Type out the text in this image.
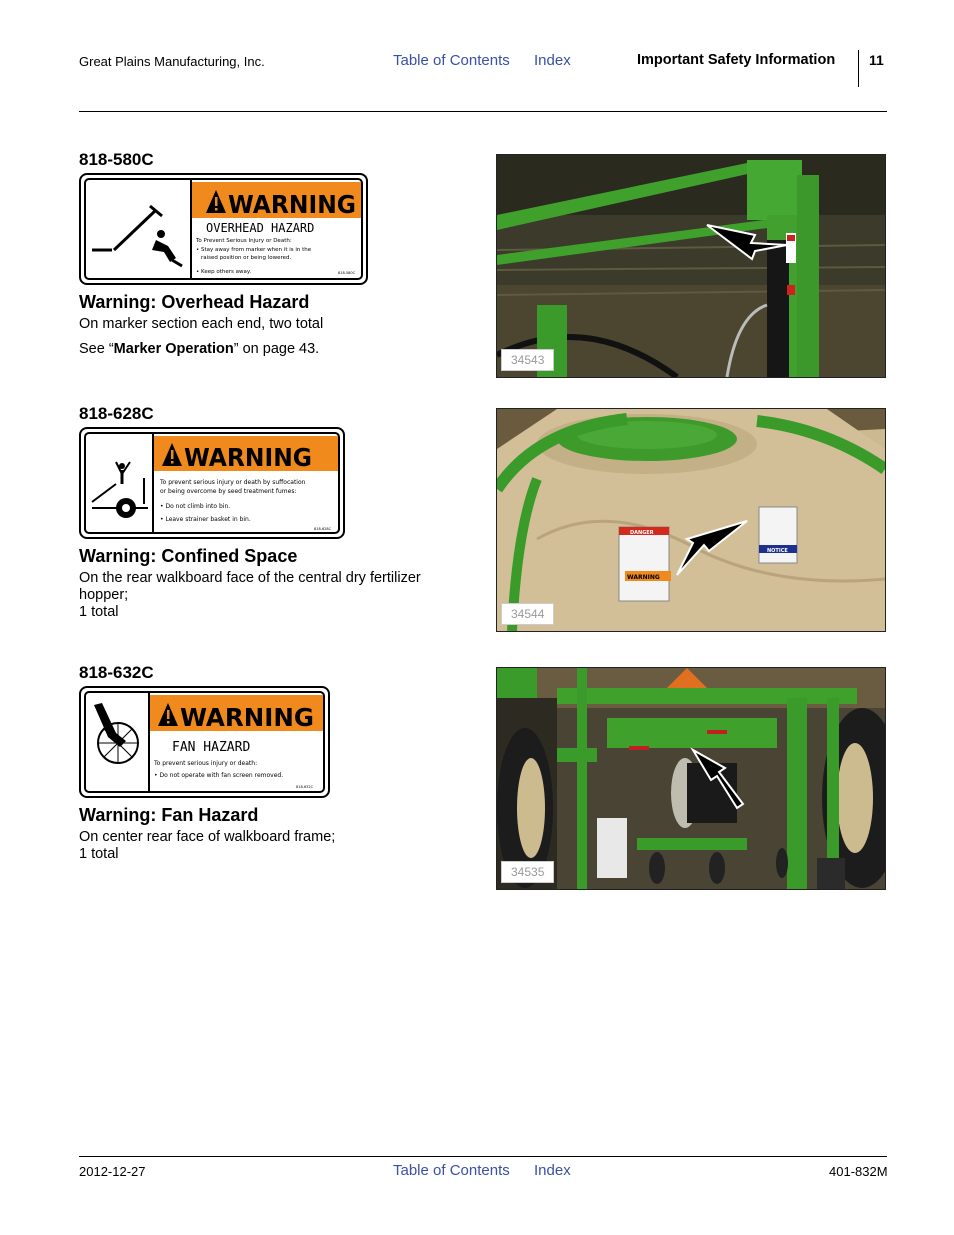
Great Plains Manufacturing, Inc.	Table of Contents Index	Important Safety Information 11
818-580C
WARNING
OVERHEAD HAZARD
To Prevent Serious Injury or Death:
• Stay away from marker when it is in the
raised position or being lowered.
• Keep others away.	818-580C
Warning: Overhead Hazard
On marker section each end, two total
See “Marker Operation” on page 43.
34543
818-628C
WARNING
To prevent serious injury or death by suffocation
or being overcome by seed treatment fumes:
• Do not climb into bin.
• Leave strainer basket in bin.
818-628C
Warning: Confined Space
On the rear walkboard face of the central dry fertilizer
hopper;
1 total
DANGER
WARNING
NOTICE
34544
818-632C
WARNING
FAN HAZARD
To prevent serious injury or death:
• Do not operate with fan screen removed.
818-632C
Warning: Fan Hazard
On center rear face of walkboard frame;
1 total
34535
2012-12-27	Table of Contents Index	401-832M
